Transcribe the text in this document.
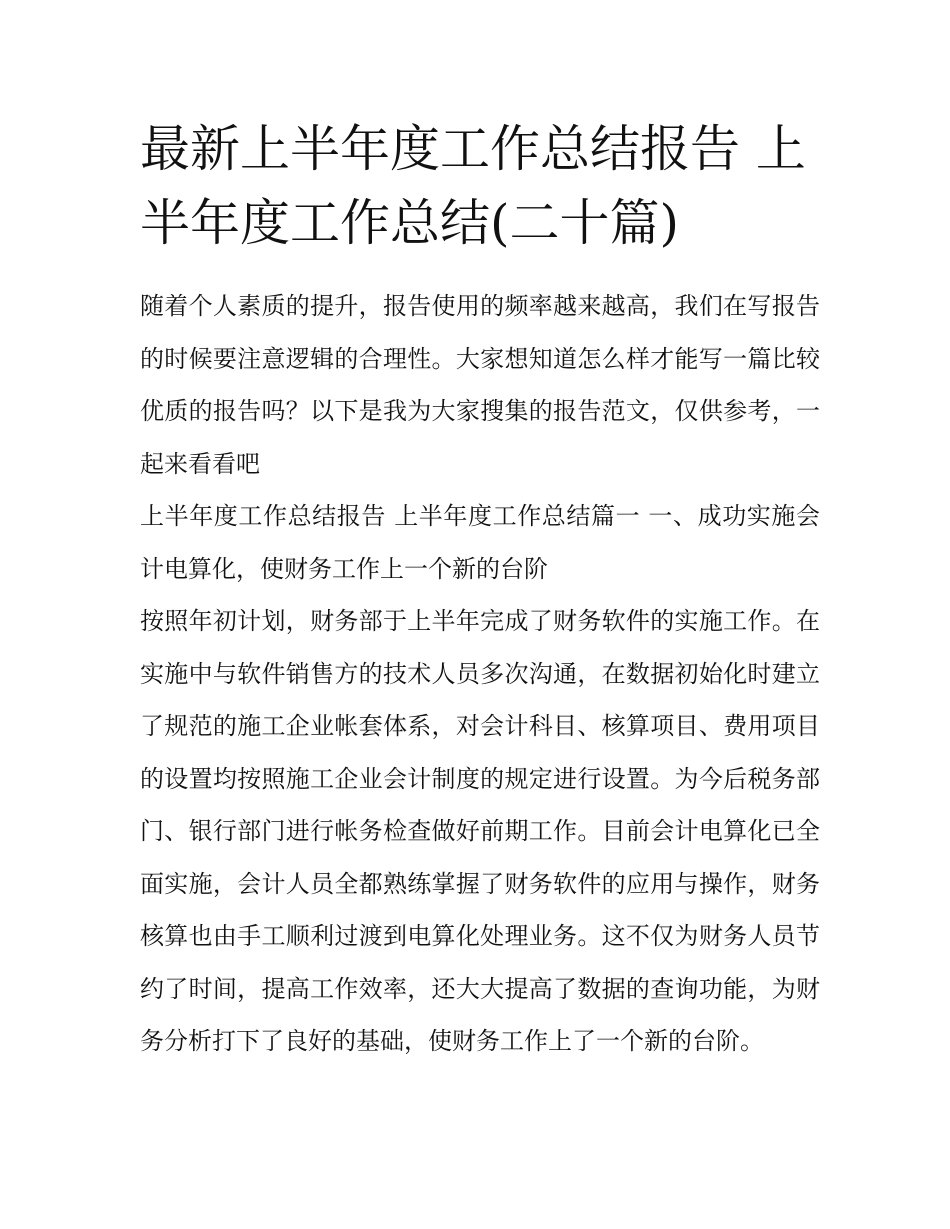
最新上半年度工作总结报告 上半年度工作总结(二十篇)

随着个人素质的提升，报告使用的频率越来越高，我们在写报告的时候要注意逻辑的合理性。大家想知道怎么样才能写一篇比较优质的报告吗？以下是我为大家搜集的报告范文，仅供参考，一起来看看吧

上半年度工作总结报告 上半年度工作总结篇一 一、成功实施会计电算化，使财务工作上一个新的台阶

按照年初计划，财务部于上半年完成了财务软件的实施工作。在实施中与软件销售方的技术人员多次沟通，在数据初始化时建立了规范的施工企业帐套体系，对会计科目、核算项目、费用项目的设置均按照施工企业会计制度的规定进行设置。为今后税务部门、银行部门进行帐务检查做好前期工作。目前会计电算化已全面实施，会计人员全都熟练掌握了财务软件的应用与操作，财务核算也由手工顺利过渡到电算化处理业务。这不仅为财务人员节约了时间，提高工作效率，还大大提高了数据的查询功能，为财务分析打下了良好的基础，使财务工作上了一个新的台阶。
